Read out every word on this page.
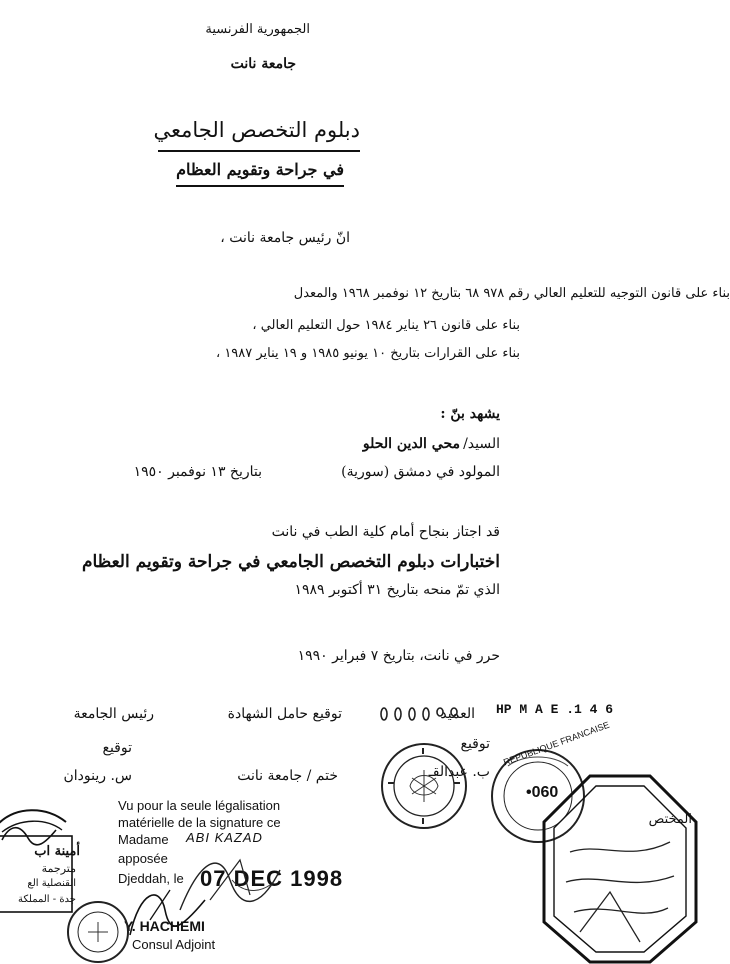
الجمهورية الفرنسية
جامعة نانت
دبلوم التخصص الجامعي
في جراحة وتقويم العظام
انّ رئيس جامعة نانت ،
بناء على قانون التوجيه للتعليم العالي رقم ٩٧٨ ٦٨ بتاريخ ١٢ نوفمبر ١٩٦٨ والمعدل
بناء على قانون ٢٦ يناير ١٩٨٤ حول التعليم العالي ،
بناء على القرارات بتاريخ ١٠ يونيو ١٩٨٥ و ١٩ يناير ١٩٨٧ ،
يشهد بنّ :
السيد/
محي الدين الحلو
المولود في دمشق (سورية)
بتاريخ ١٣ نوفمبر ١٩٥٠
قد اجتاز بنجاح أمام كلية الطب في نانت
اختبارات دبلوم التخصص الجامعي في جراحة وتقويم العظام
الذي تمّ منحه بتاريخ ٣١ أكتوبر ١٩٨٩
حرر في نانت، بتاريخ ٧ فبراير ١٩٩٠
العميد
توقيع حامل الشهادة
رئيس الجامعة
توقيع
توقيع
ب. عبدالقـ
ختم / جامعة نانت
س. رينودان
HP M A E .1 4 6
Vu pour la seule légalisation
matérielle de la signature ce
Madame ABI KAZAD
apposée
Djeddah, le 07 DEC 1998
Y. HACHEMI
Consul Adjoint
•060
REPUBLIQUE FRANCAISE
المختص
أمينة اب
مترجمة
القنصلية الع
جدة - المملكة
